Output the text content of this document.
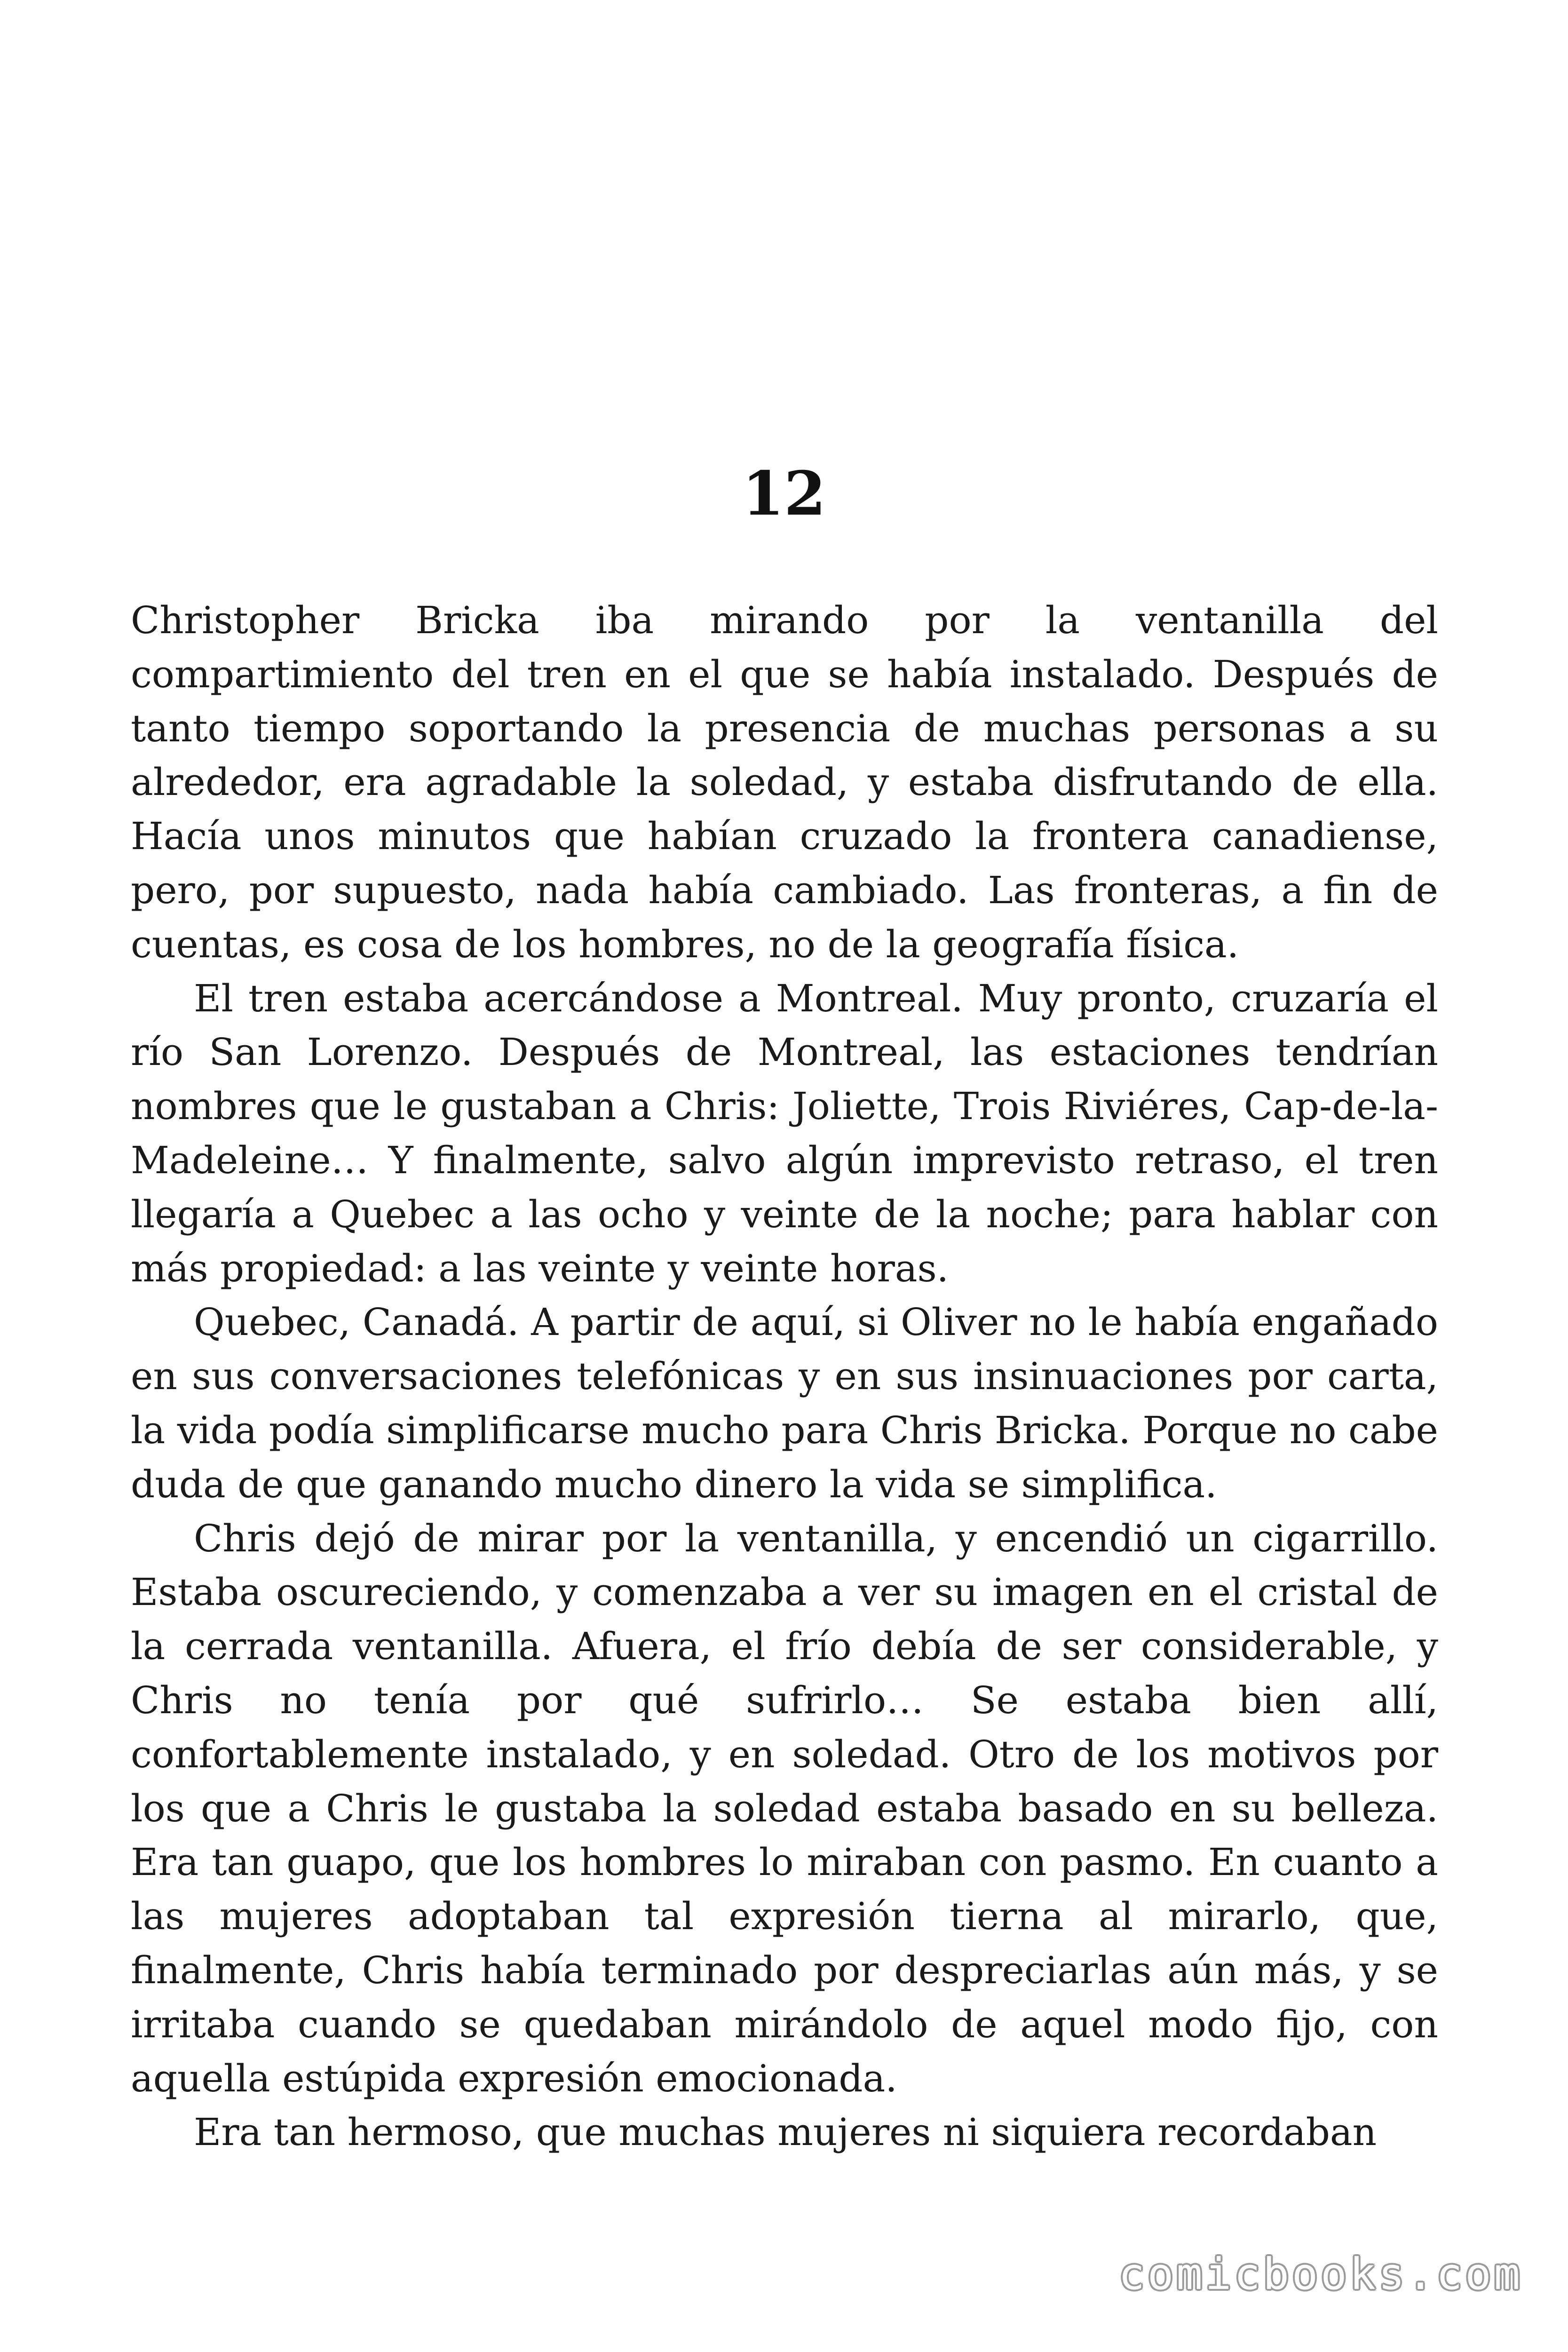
12

Christopher Bricka iba mirando por la ventanilla del compartimiento del tren en el que se había instalado. Después de tanto tiempo soportando la presencia de muchas personas a su alrededor, era agradable la soledad, y estaba disfrutando de ella. Hacía unos minutos que habían cruzado la frontera canadiense, pero, por supuesto, nada había cambiado. Las fronteras, a fin de cuentas, es cosa de los hombres, no de la geografía física.

El tren estaba acercándose a Montreal. Muy pronto, cruzaría el río San Lorenzo. Después de Montreal, las estaciones tendrían nombres que le gustaban a Chris: Joliette, Trois Riviéres, Cap-de-la-Madeleine… Y finalmente, salvo algún imprevisto retraso, el tren llegaría a Quebec a las ocho y veinte de la noche; para hablar con más propiedad: a las veinte y veinte horas.

Quebec, Canadá. A partir de aquí, si Oliver no le había engañado en sus conversaciones telefónicas y en sus insinuaciones por carta, la vida podía simplificarse mucho para Chris Bricka. Porque no cabe duda de que ganando mucho dinero la vida se simplifica.

Chris dejó de mirar por la ventanilla, y encendió un cigarrillo. Estaba oscureciendo, y comenzaba a ver su imagen en el cristal de la cerrada ventanilla. Afuera, el frío debía de ser considerable, y Chris no tenía por qué sufrirlo… Se estaba bien allí, confortablemente instalado, y en soledad. Otro de los motivos por los que a Chris le gustaba la soledad estaba basado en su belleza. Era tan guapo, que los hombres lo miraban con pasmo. En cuanto a las mujeres adoptaban tal expresión tierna al mirarlo, que, finalmente, Chris había terminado por despreciarlas aún más, y se irritaba cuando se quedaban mirándolo de aquel modo fijo, con aquella estúpida expresión emocionada.

Era tan hermoso, que muchas mujeres ni siquiera recordaban

comicbooks.com
